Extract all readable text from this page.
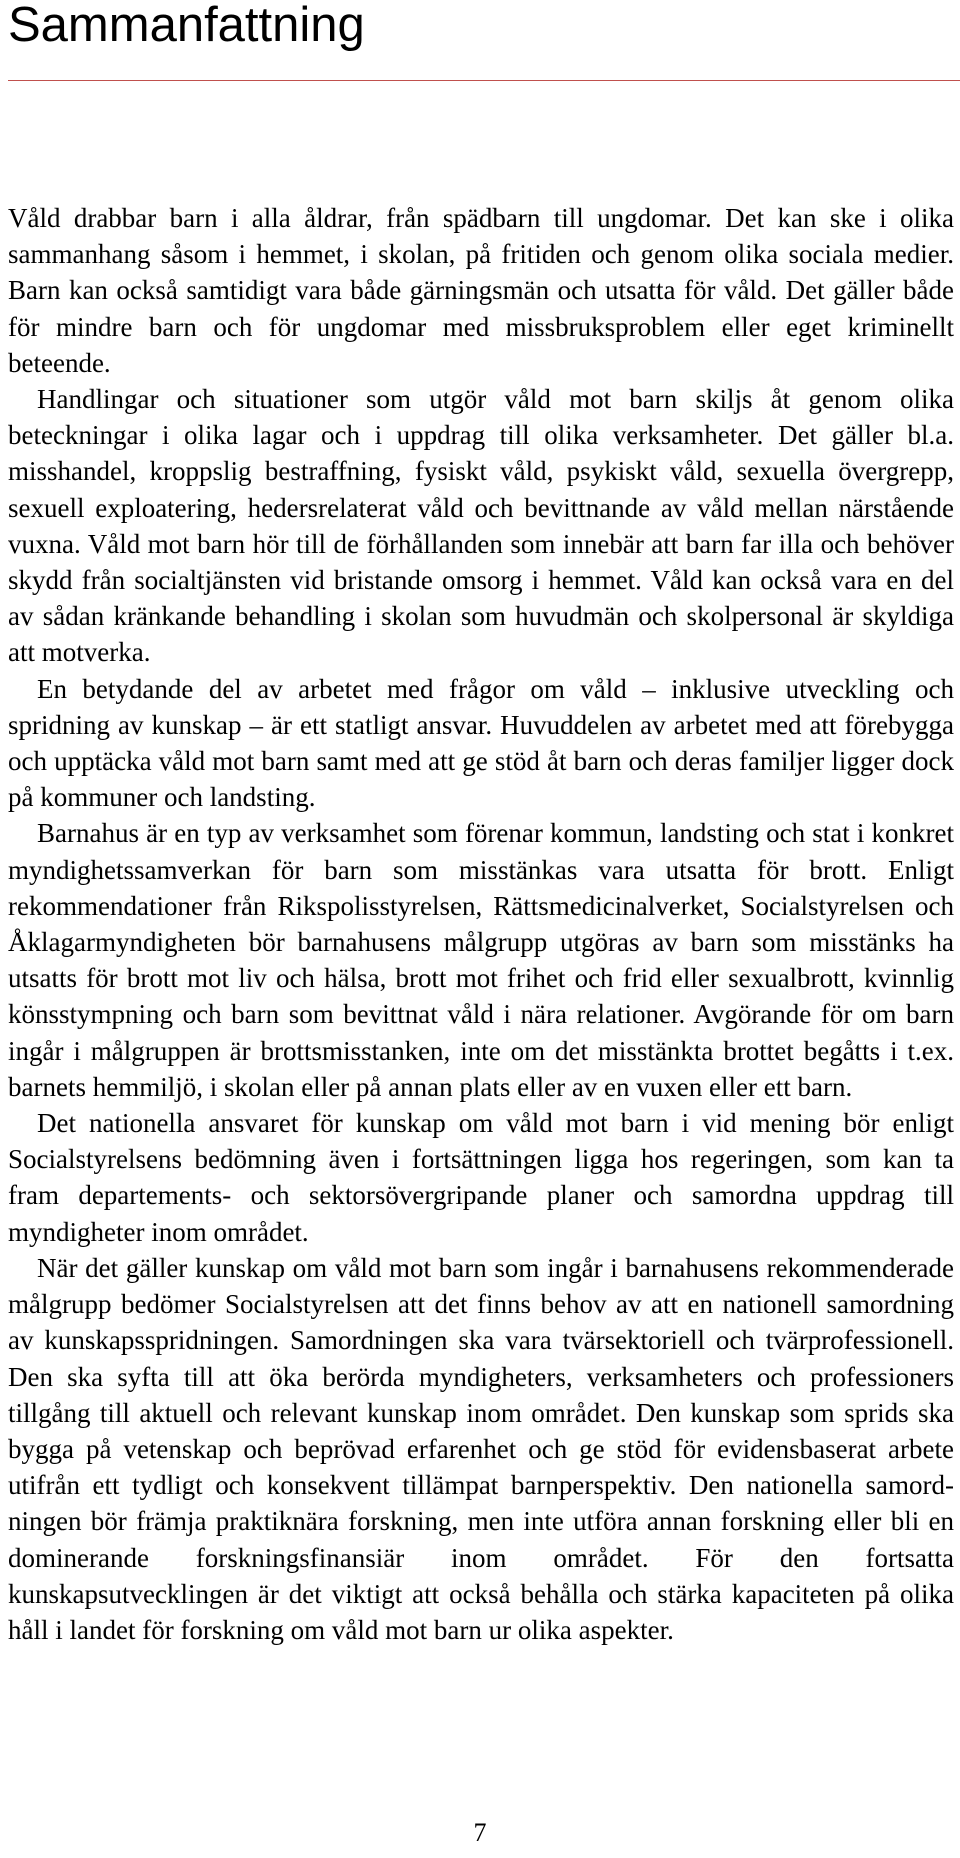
Sammanfattning

Våld drabbar barn i alla åldrar, från spädbarn till ungdomar. Det kan ske i olika sammanhang såsom i hemmet, i skolan, på fritiden och genom olika sociala medier. Barn kan också samtidigt vara både gärningsmän och utsatta för våld. Det gäller både för mindre barn och för ungdomar med missbruksproblem eller eget kriminellt beteende.

Handlingar och situationer som utgör våld mot barn skiljs åt genom olika beteckningar i olika lagar och i uppdrag till olika verksamheter. Det gäller bl.a. misshandel, kroppslig bestraffning, fysiskt våld, psykiskt våld, sexuella övergrepp, sexuell exploatering, hedersrelaterat våld och bevittnande av våld mellan närstående vuxna. Våld mot barn hör till de förhållanden som innebär att barn far illa och behöver skydd från socialtjänsten vid bristande omsorg i hemmet. Våld kan också vara en del av sådan kränkande behandling i skolan som huvudmän och skolpersonal är skyldiga att motverka.

En betydande del av arbetet med frågor om våld – inklusive utveckling och spridning av kunskap – är ett statligt ansvar. Huvuddelen av arbetet med att förebygga och upptäcka våld mot barn samt med att ge stöd åt barn och deras familjer ligger dock på kommuner och landsting.

Barnahus är en typ av verksamhet som förenar kommun, landsting och stat i konkret myndighetssamverkan för barn som misstänkas vara utsatta för brott. Enligt rekommendationer från Rikspolisstyrelsen, Rättsmedicinalverket, Socialstyrelsen och Åklagarmyndigheten bör barnahusens målgrupp utgöras av barn som misstänks ha utsatts för brott mot liv och hälsa, brott mot frihet och frid eller sexualbrott, kvinnlig könsstympning och barn som bevittnat våld i nära relationer. Avgörande för om barn ingår i målgruppen är brottsmisstanken, inte om det misstänkta brottet begåtts i t.ex. barnets hemmiljö, i skolan eller på annan plats eller av en vuxen eller ett barn.

Det nationella ansvaret för kunskap om våld mot barn i vid mening bör enligt Socialstyrelsens bedömning även i fortsättningen ligga hos regeringen, som kan ta fram departements- och sektorsövergripande planer och samordna uppdrag till myndigheter inom området.

När det gäller kunskap om våld mot barn som ingår i barnahusens rekommenderade målgrupp bedömer Socialstyrelsen att det finns behov av att en nationell samordning av kunskapsspridningen. Samordningen ska vara tvärsektoriell och tvärprofessionell. Den ska syfta till att öka berörda myndigheters, verksamheters och professioners tillgång till aktuell och relevant kunskap inom området. Den kunskap som sprids ska bygga på vetenskap och beprövad erfarenhet och ge stöd för evidensbaserat arbete utifrån ett tydligt och konsekvent tillämpat barnperspektiv. Den nationella samordningen bör främja praktiknära forskning, men inte utföra annan forskning eller bli en dominerande forskningsfinansiär inom området. För den fortsatta kunskapsutvecklingen är det viktigt att också behålla och stärka kapaciteten på olika håll i landet för forskning om våld mot barn ur olika aspekter.

7
